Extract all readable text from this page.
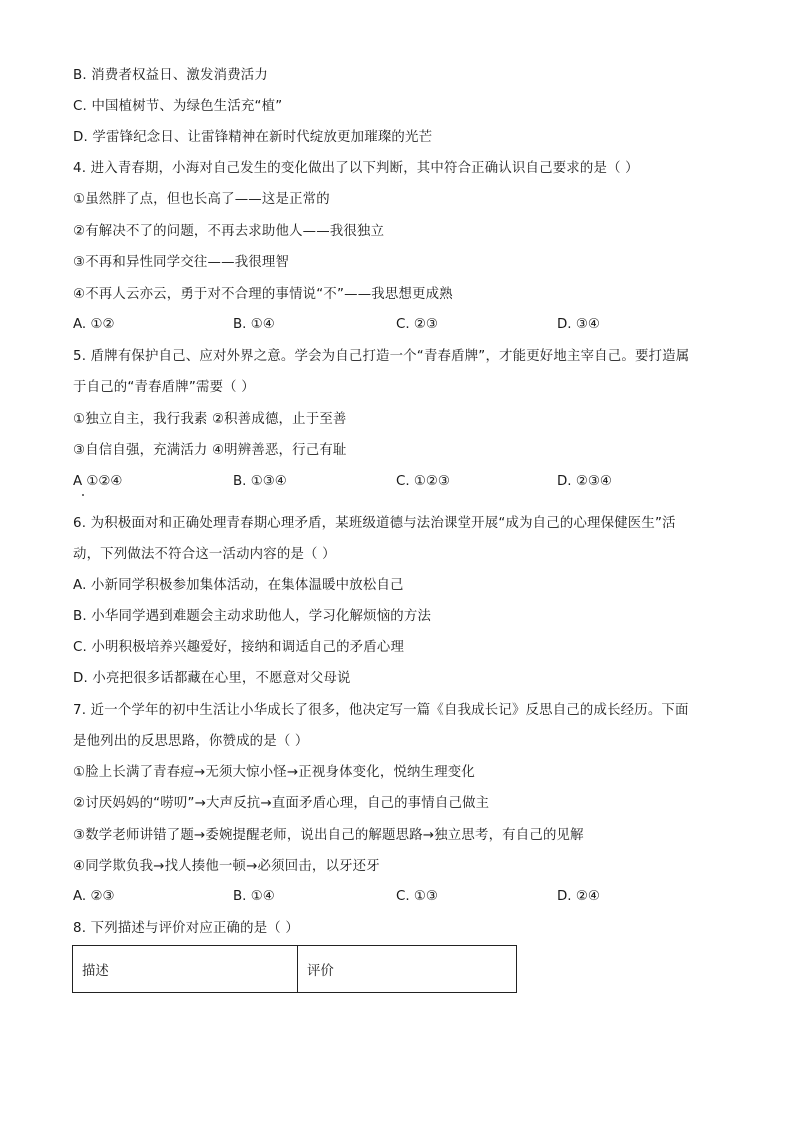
B. 消费者权益日、激发消费活力
C. 中国植树节、为绿色生活充“植”
D. 学雷锋纪念日、让雷锋精神在新时代绽放更加璀璨的光芒
4. 进入青春期，小海对自己发生的变化做出了以下判断，其中符合正确认识自己要求的是（ ）
①虽然胖了点，但也长高了——这是正常的
②有解决不了的问题，不再去求助他人——我很独立
③不再和异性同学交往——我很理智
④不再人云亦云，勇于对不合理的事情说“不”——我思想更成熟
A. ①②	B. ①④	C. ②③	D. ③④
5. 盾牌有保护自己、应对外界之意。学会为自己打造一个“青春盾牌”，才能更好地主宰自己。要打造属
于自己的“青春盾牌”需要（ ）
①独立自主，我行我素 ②积善成德，止于至善
③自信自强，充满活力 ④明辨善恶，行己有耻
A ①②④	B. ①③④	C. ①②③	D. ②③④
6. 为积极面对和正确处理青春期心理矛盾，某班级道德与法治课堂开展“成为自己的心理保健医生”活
动，下列做法不符合这一活动内容的是（ ）
A. 小新同学积极参加集体活动，在集体温暖中放松自己
B. 小华同学遇到难题会主动求助他人，学习化解烦恼的方法
C. 小明积极培养兴趣爱好，接纳和调适自己的矛盾心理
D. 小亮把很多话都藏在心里，不愿意对父母说
7. 近一个学年的初中生活让小华成长了很多，他决定写一篇《自我成长记》反思自己的成长经历。下面
是他列出的反思思路，你赞成的是（ ）
①脸上长满了青春痘→无须大惊小怪→正视身体变化，悦纳生理变化
②讨厌妈妈的“唠叨”→大声反抗→直面矛盾心理，自己的事情自己做主
③数学老师讲错了题→委婉提醒老师，说出自己的解题思路→独立思考，有自己的见解
④同学欺负我→找人揍他一顿→必须回击，以牙还牙
A. ②③	B. ①④	C. ①③	D. ②④
8. 下列描述与评价对应正确的是（ ）
描述	评价
